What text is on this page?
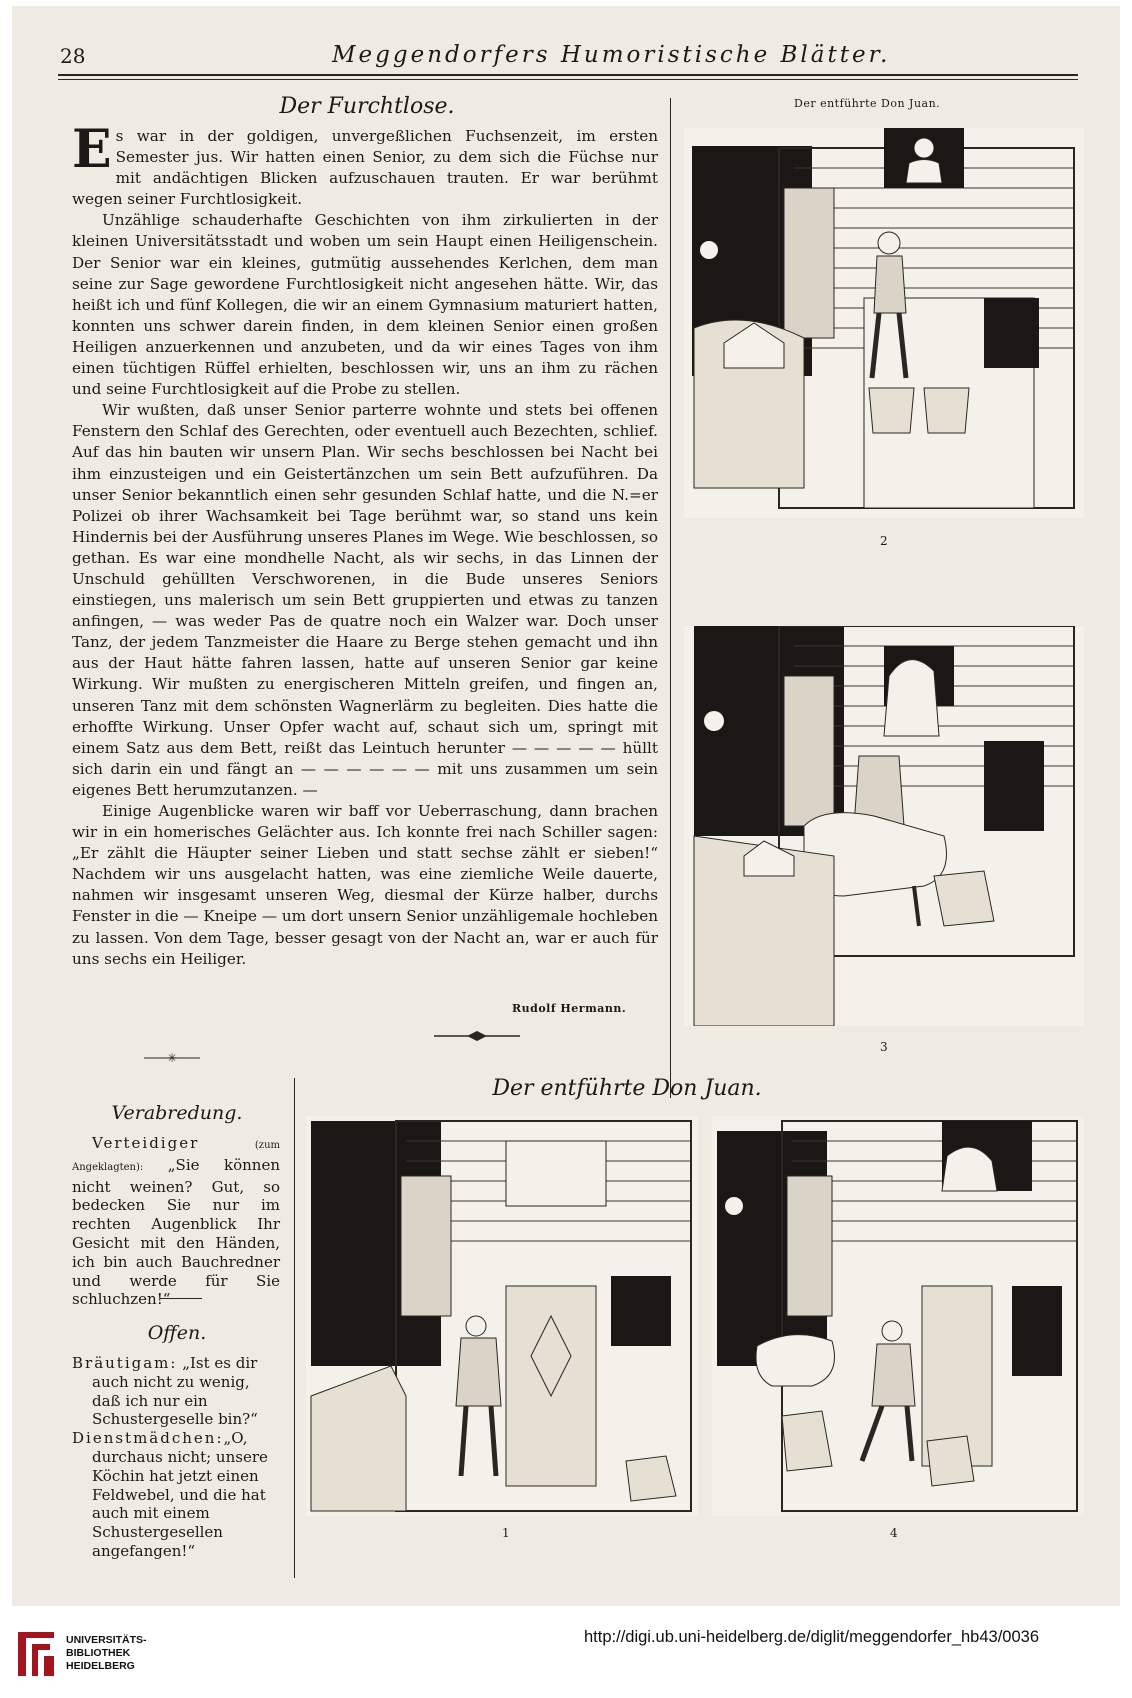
28	Meggendorfers Humoristische Blätter.
Der Furchtlose.

Es war in der goldigen, unvergeßlichen Fuchsenzeit, im ersten Semester jus. Wir hatten einen Senior, zu dem sich die Füchse nur mit andächtigen Blicken aufzuschauen trauten. Er war berühmt wegen seiner Furchtlosigkeit.

Unzählige schauderhafte Geschichten von ihm zirkulierten in der kleinen Universitätsstadt und woben um sein Haupt einen Heiligenschein. Der Senior war ein kleines, gutmütig aussehendes Kerlchen, dem man seine zur Sage gewordene Furchtlosigkeit nicht angesehen hätte. Wir, das heißt ich und fünf Kollegen, die wir an einem Gymnasium maturiert hatten, konnten uns schwer darein finden, in dem kleinen Senior einen großen Heiligen anzuerkennen und anzubeten, und da wir eines Tages von ihm einen tüchtigen Rüffel erhielten, beschlossen wir, uns an ihm zu rächen und seine Furchtlosigkeit auf die Probe zu stellen.

Wir wußten, daß unser Senior parterre wohnte und stets bei offenen Fenstern den Schlaf des Gerechten, oder eventuell auch Bezechten, schlief. Auf das hin bauten wir unsern Plan. Wir sechs beschlossen bei Nacht bei ihm einzusteigen und ein Geistertänzchen um sein Bett aufzuführen. Da unser Senior bekanntlich einen sehr gesunden Schlaf hatte, und die N.=er Polizei ob ihrer Wachsamkeit bei Tage berühmt war, so stand uns kein Hindernis bei der Ausführung unseres Planes im Wege. Wie beschlossen, so gethan. Es war eine mondhelle Nacht, als wir sechs, in das Linnen der Unschuld gehüllten Verschworenen, in die Bude unseres Seniors einstiegen, uns malerisch um sein Bett gruppierten und etwas zu tanzen anfingen, — was weder Pas de quatre noch ein Walzer war. Doch unser Tanz, der jedem Tanzmeister die Haare zu Berge stehen gemacht und ihn aus der Haut hätte fahren lassen, hatte auf unseren Senior gar keine Wirkung. Wir mußten zu energischeren Mitteln greifen, und fingen an, unseren Tanz mit dem schönsten Wagnerlärm zu begleiten. Dies hatte die erhoffte Wirkung. Unser Opfer wacht auf, schaut sich um, springt mit einem Satz aus dem Bett, reißt das Leintuch herunter — — — — — hüllt sich darin ein und fängt an — — — — — — mit uns zusammen um sein eigenes Bett herumzutanzen. —

Einige Augenblicke waren wir baff vor Ueberraschung, dann brachen wir in ein homerisches Gelächter aus. Ich konnte frei nach Schiller sagen: „Er zählt die Häupter seiner Lieben und statt sechse zählt er sieben!“ Nachdem wir uns ausgelacht hatten, was eine ziemliche Weile dauerte, nahmen wir insgesamt unseren Weg, diesmal der Kürze halber, durchs Fenster in die — Kneipe — um dort unsern Senior unzähligemale hochleben zu lassen. Von dem Tage, besser gesagt von der Nacht an, war er auch für uns sechs ein Heiliger.

Rudolf Hermann.
✳
Verabredung.

Verteidiger	(zum Angeklagten): „Sie können nicht weinen? Gut, so bedecken Sie nur im rechten Augenblick Ihr Gesicht mit den Händen, ich bin auch Bauchredner und werde für Sie schluchzen!“

Offen.

Bräutigam: „Ist es dir auch nicht zu wenig, daß ich nur ein Schustergeselle bin?“

Dienstmädchen:„O, durchaus nicht; unsere Köchin hat jetzt einen Feldwebel, und die hat auch mit einem Schustergesellen angefangen!“

Der entführte Don Juan.
Der entführte Don Juan.
2
3
1	4
UNIVERSITÄTS-
BIBLIOTHEK
HEIDELBERG
http://digi.ub.uni-heidelberg.de/diglit/meggendorfer_hb43/0036
